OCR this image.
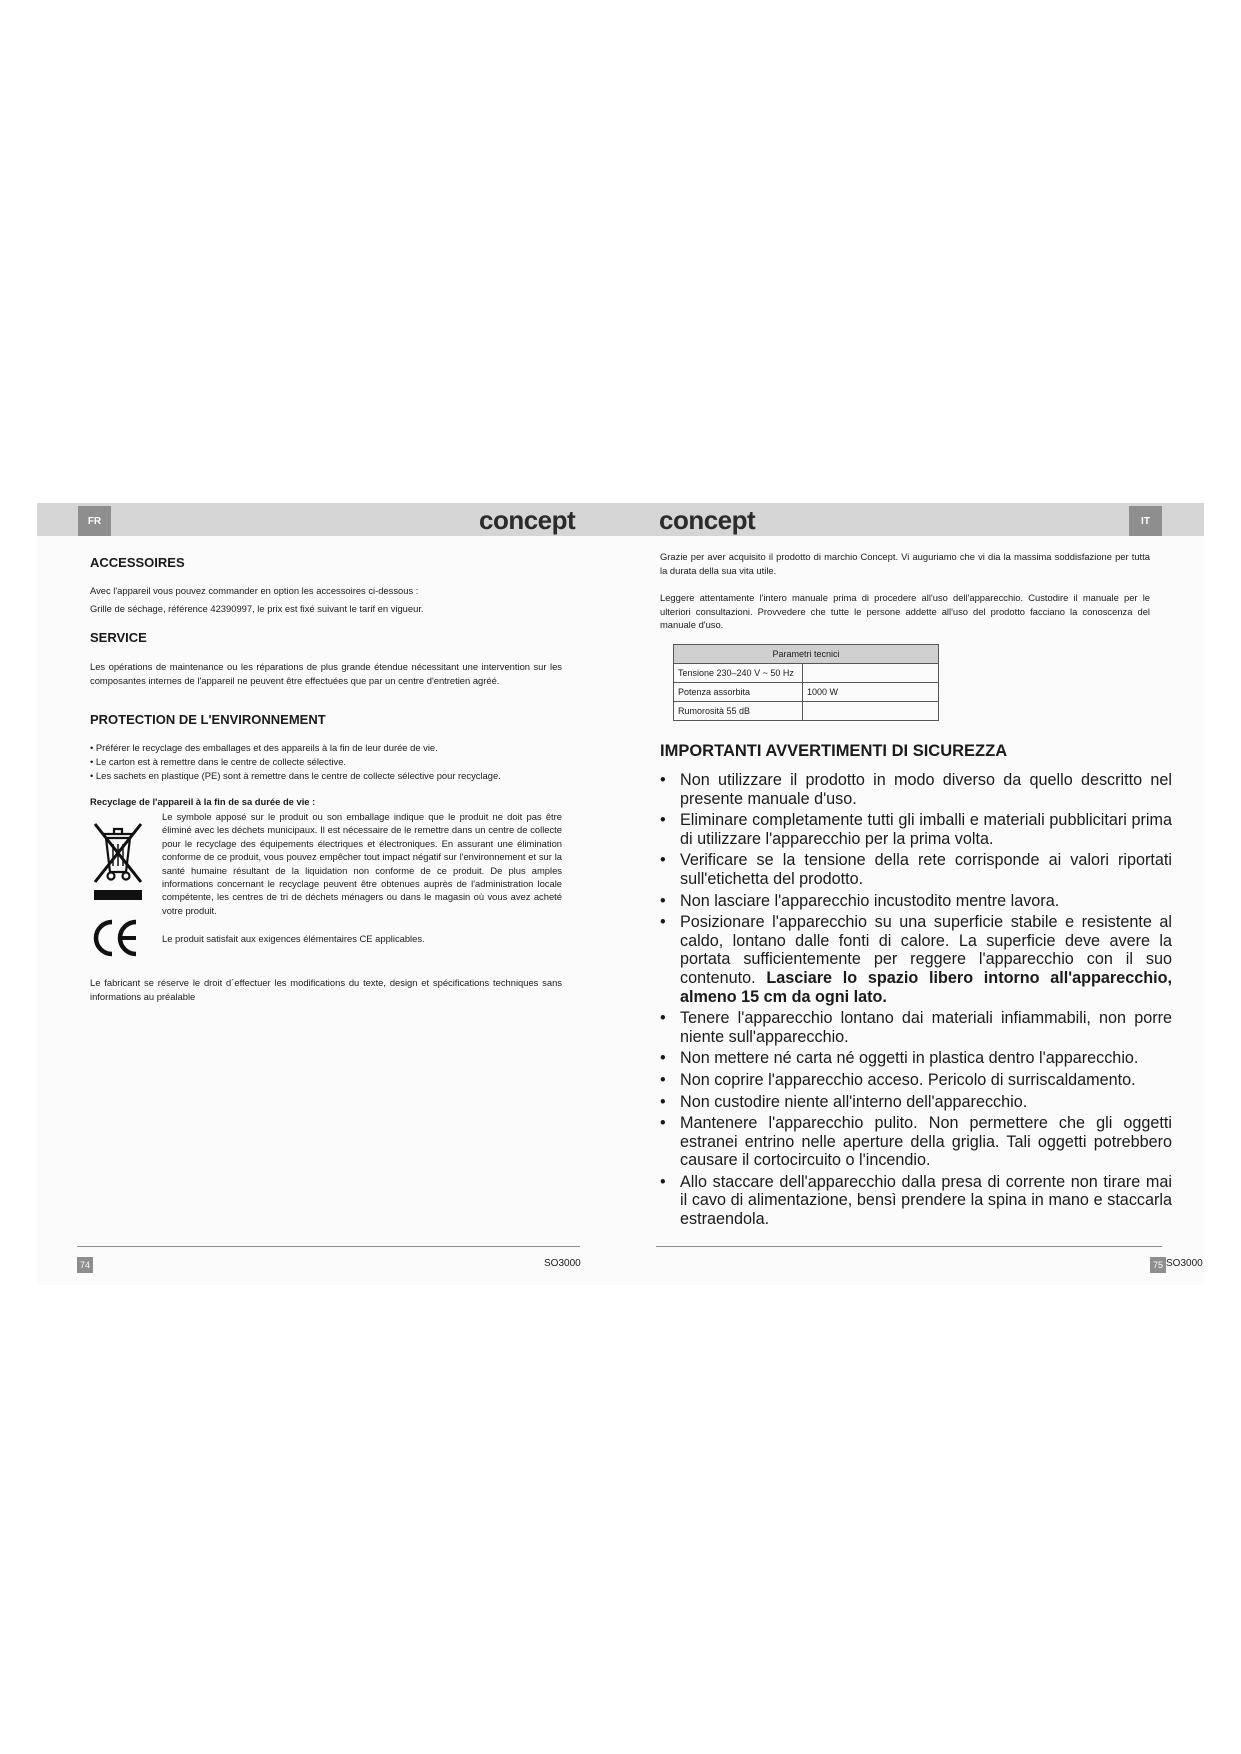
FR	IT
concept	concept
ACCESSOIRES

Avec l'appareil vous pouvez commander en option les accessoires ci-dessous :

Grille de séchage, référence 42390997, le prix est fixé suivant le tarif en vigueur.

SERVICE

Les opérations de maintenance ou les réparations de plus grande étendue nécessitant une intervention sur les composantes internes de l'appareil ne peuvent être effectuées que par un centre d'entretien agréé.

PROTECTION DE L'ENVIRONNEMENT

• Préférer le recyclage des emballages et des appareils à la fin de leur durée de vie.

• Le carton est à remettre dans le centre de collecte sélective.

• Les sachets en plastique (PE) sont à remettre dans le centre de collecte sélective pour recyclage.

Recyclage de l'appareil à la fin de sa durée de vie :

Le symbole apposé sur le produit ou son emballage indique que le produit ne doit pas être éliminé avec les déchets municipaux. Il est nécessaire de le remettre dans un centre de collecte pour le recyclage des équipements électriques et électroniques. En assurant une élimination conforme de ce produit, vous pouvez empêcher tout impact négatif sur l'environnement et sur la santé humaine résultant de la liquidation non conforme de ce produit. De plus amples informations concernant le recyclage peuvent être obtenues auprès de l'administration locale compétente, les centres de tri de déchets ménagers ou dans le magasin où vous avez acheté votre produit.

Le produit satisfait aux exigences élémentaires CE applicables.

Le fabricant se réserve le droit d´effectuer les modifications du texte, design et spécifications techniques sans informations au préalable

Grazie per aver acquisito il prodotto di marchio Concept. Vi auguriamo che vi dia la massima soddisfazione per tutta la durata della sua vita utile.

Leggere attentamente l'intero manuale prima di procedere all'uso dell'apparecchio. Custodire il manuale per le ulteriori consultazioni. Provvedere che tutte le persone addette all'uso del prodotto facciano la conoscenza del manuale d'uso.

Parametri tecnici	
Tensione 230–240 V ~ 50 Hz	
Potenza assorbita	1000 W
Rumorosità 55 dB	
IMPORTANTI AVVERTIMENTI DI SICUREZZA
• Non utilizzare il prodotto in modo diverso da quello descritto nel presente manuale d'uso.
• Eliminare completamente tutti gli imballi e materiali pubblicitari prima di utilizzare l'apparecchio per la prima volta.
• Verificare se la tensione della rete corrisponde ai valori riportati sull'etichetta del prodotto.
• Non lasciare l'apparecchio incustodito mentre lavora.
• Posizionare l'apparecchio su una superficie stabile e resistente al caldo, lontano dalle fonti di calore. La superficie deve avere la portata sufficientemente per reggere l'apparecchio con il suo contenuto. Lasciare lo spazio libero intorno all'apparecchio, almeno 15 cm da ogni lato.
• Tenere l'apparecchio lontano dai materiali infiammabili, non porre niente sull'apparecchio.
• Non mettere né carta né oggetti in plastica dentro l'apparecchio.
• Non coprire l'apparecchio acceso. Pericolo di surriscaldamento.
• Non custodire niente all'interno dell'apparecchio.
• Mantenere l'apparecchio pulito. Non permettere che gli oggetti estranei entrino nelle aperture della griglia. Tali oggetti potrebbero causare il cortocircuito o l'incendio.
• Allo staccare dell'apparecchio dalla presa di corrente non tirare mai il cavo di alimentazione, bensì prendere la spina in mano e staccarla estraendola.
74	SO3000	75 SO3000
